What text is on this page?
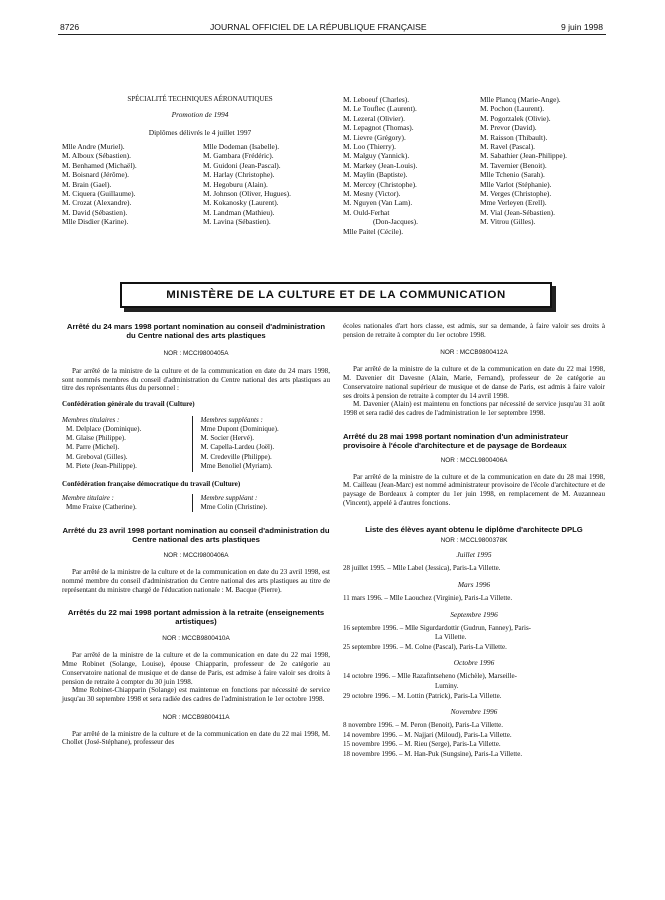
8726	JOURNAL OFFICIEL DE LA RÉPUBLIQUE FRANÇAISE	9 juin 1998
SPÉCIALITÉ TECHNIQUES AÉRONAUTIQUES
Promotion de 1994
Diplômes délivrés le 4 juillet 1997
Mlle Andre (Muriel).
M. Alboux (Sébastien).
M. Benhamed (Michaël).
M. Boisnard (Jérôme).
M. Brain (Gael).
M. Ciquera (Guillaume).
M. Crozat (Alexandre).
M. David (Sébastien).
Mlle Disdier (Karine).
Mlle Dodeman (Isabelle).
M. Gambara (Frédéric).
M. Guidoni (Jean-Pascal).
M. Harlay (Christophe).
M. Hegoburu (Alain).
M. Johnson (Oliver, Hugues).
M. Kokanosky (Laurent).
M. Landman (Mathieu).
M. Lavina (Sébastien).
M. Leboeuf (Charles).
M. Le Touflec (Laurent).
M. Lezeral (Olivier).
M. Lepagnot (Thomas).
M. Lievre (Grégory).
M. Loo (Thierry).
M. Malguy (Yannick).
M. Markey (Jean-Louis).
M. Maylin (Baptiste).
M. Mercey (Christophe).
M. Mesny (Victor).
M. Nguyen (Van Lam).
M. Ould-Ferhat
(Don-Jacques).
Mlle Paitel (Cécile).
Mlle Plancq (Marie-Ange).
M. Pochon (Laurent).
M. Pogorzalek (Olivie).
M. Prevor (David).
M. Raisson (Thibault).
M. Ravel (Pascal).
M. Sabathier (Jean-Philippe).
M. Tavernier (Benoit).
Mlle Tchenio (Sarah).
Mlle Varlot (Stéphanie).
M. Verges (Christophe).
Mme Verleyen (Erell).
M. Vial (Jean-Sébastien).
M. Vitrou (Gilles).
MINISTÈRE DE LA CULTURE ET DE LA COMMUNICATION
Arrêté du 24 mars 1998 portant nomination au conseil d'administration du Centre national des arts plastiques
NOR : MCCI9800405A

Par arrêté de la ministre de la culture et de la communication en date du 24 mars 1998, sont nommés membres du conseil d'administration du Centre national des arts plastiques au titre des représentants élus du personnel :

Confédération générale du travail (Culture)
Membres titulaires :
M. Delplace (Dominique).
M. Glaise (Philippe).
M. Parre (Michel).
M. Greboval (Gilles).
M. Piete (Jean-Philippe).
Membres suppléants :
Mme Dupont (Dominique).
M. Socier (Hervé).
M. Capella-Lardeu (Joël).
M. Credeville (Philippe).
Mme Benoliel (Myriam).
Confédération française démocratique du travail (Culture)
Membre titulaire :
Mme Fraixe (Catherine).
Membre suppléant :
Mme Colin (Christine).
Arrêté du 23 avril 1998 portant nomination au conseil d'administration du Centre national des arts plastiques
NOR : MCCI9800406A

Par arrêté de la ministre de la culture et de la communication en date du 23 avril 1998, est nommé membre du conseil d'administration du Centre national des arts plastiques au titre de représentant du ministre chargé de l'éducation nationale : M. Bacque (Pierre).

Arrêtés du 22 mai 1998 portant admission à la retraite (enseignements artistiques)
NOR : MCCB9800410A

Par arrêté de la ministre de la culture et de la communication en date du 22 mai 1998, Mme Robinet (Solange, Louise), épouse Chiapparin, professeur de 2e catégorie au Conservatoire national de musique et de danse de Paris, est admise à faire valoir ses droits à pension de retraite à compter du 30 juin 1998.

Mme Robinet-Chiapparin (Solange) est maintenue en fonctions par nécessité de service jusqu'au 30 septembre 1998 et sera radiée des cadres de l'administration le 1er octobre 1998.

NOR : MCCB9800411A

Par arrêté de la ministre de la culture et de la communication en date du 22 mai 1998, M. Chollet (José-Stéphane), professeur des

écoles nationales d'art hors classe, est admis, sur sa demande, à faire valoir ses droits à pension de retraite à compter du 1er octobre 1998.

NOR : MCCB9800412A

Par arrêté de la ministre de la culture et de la communication en date du 22 mai 1998, M. Davenier dit Davesne (Alain, Marie, Fernand), professeur de 2e catégorie au Conservatoire national supérieur de musique et de danse de Paris, est admis à faire valoir ses droits à pension de retraite à compter du 14 avril 1998.

M. Davenier (Alain) est maintenu en fonctions par nécessité de service jusqu'au 31 août 1998 et sera radié des cadres de l'administration le 1er septembre 1998.

Arrêté du 28 mai 1998 portant nomination d'un administrateur provisoire à l'école d'architecture et de paysage de Bordeaux
NOR : MCCL9800406A

Par arrêté de la ministre de la culture et de la communication en date du 28 mai 1998, M. Cailleau (Jean-Marc) est nommé administrateur provisoire de l'école d'architecture et de paysage de Bordeaux à compter du 1er juin 1998, en remplacement de M. Auzanneau (Vincent), appelé à d'autres fonctions.

Liste des élèves ayant obtenu le diplôme d'architecte DPLG
NOR : MCCL9800378K
Juillet 1995
28 juillet 1995. – Mlle Label (Jessica), Paris-La Villette.
Mars 1996
11 mars 1996. – Mlle Laouchez (Virginie), Paris-La Villette.
Septembre 1996
16 septembre 1996. – Mlle Sigurdardottir (Gudrun, Fanney), Paris-
La Villette.
25 septembre 1996. – M. Colne (Pascal), Paris-La Villette.
Octobre 1996
14 octobre 1996. – Mlle Razafintseheno (Michèle), Marseille-
Luminy.
29 octobre 1996. – M. Lottin (Patrick), Paris-La Villette.
Novembre 1996
8 novembre 1996. – M. Peron (Benoit), Paris-La Villette.
14 novembre 1996. – M. Najjari (Miloud), Paris-La Villette.
15 novembre 1996. – M. Rieu (Serge), Paris-La Villette.
18 novembre 1996. – M. Han-Puk (Sungsine), Paris-La Villette.
